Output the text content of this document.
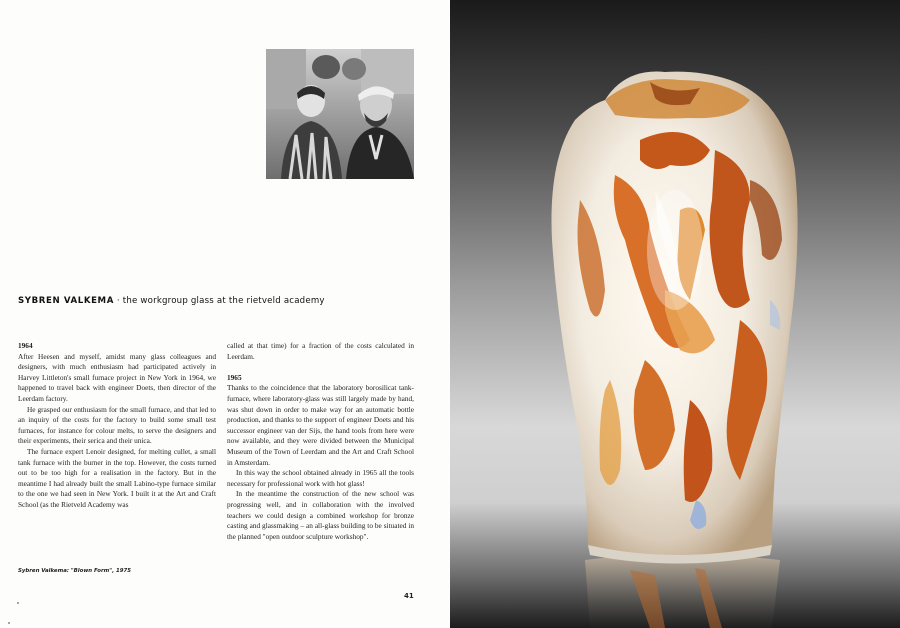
SYBREN VALKEMA · the workgroup glass at the rietveld academy

1964

After Heesen and myself, amidst many glass colleagues and designers, with much enthusiasm had participated actively in Harvey Littleton's small furnace project in New York in 1964, we happened to travel back with engineer Doets, then director of the Leerdam factory.

He grasped our enthusiasm for the small furnace, and that led to an inquiry of the costs for the factory to build some small test furnaces, for instance for colour melts, to serve the designers and their experiments, their serica and their unica.

The furnace expert Lenoir designed, for melting cullet, a small tank furnace with the burner in the top. However, the costs turned out to be too high for a realisation in the factory. But in the meantime I had already built the small Labino-type furnace similar to the one we had seen in New York. I built it at the Art and Craft School (as the Rietveld Academy was

called at that time) for a fraction of the costs calculated in Leerdam.

1965

Thanks to the coincidence that the laboratory borosilicat tank-furnace, where laboratory-glass was still largely made by hand, was shut down in order to make way for an automatic bottle production, and thanks to the support of engineer Doets and his successor engineer van der Sijs, the hand tools from here were now available, and they were divided between the Municipal Museum of the Town of Leerdam and the Art and Craft School in Amsterdam.

In this way the school obtained already in 1965 all the tools necessary for professional work with hot glass!

In the meantime the construction of the new school was progressing well, and in collaboration with the involved teachers we could design a combined workshop for bronze casting and glassmaking – an all-glass building to be situated in the planned "open outdoor sculpture workshop".

Sybren Valkema: "Blown Form", 1975
41
